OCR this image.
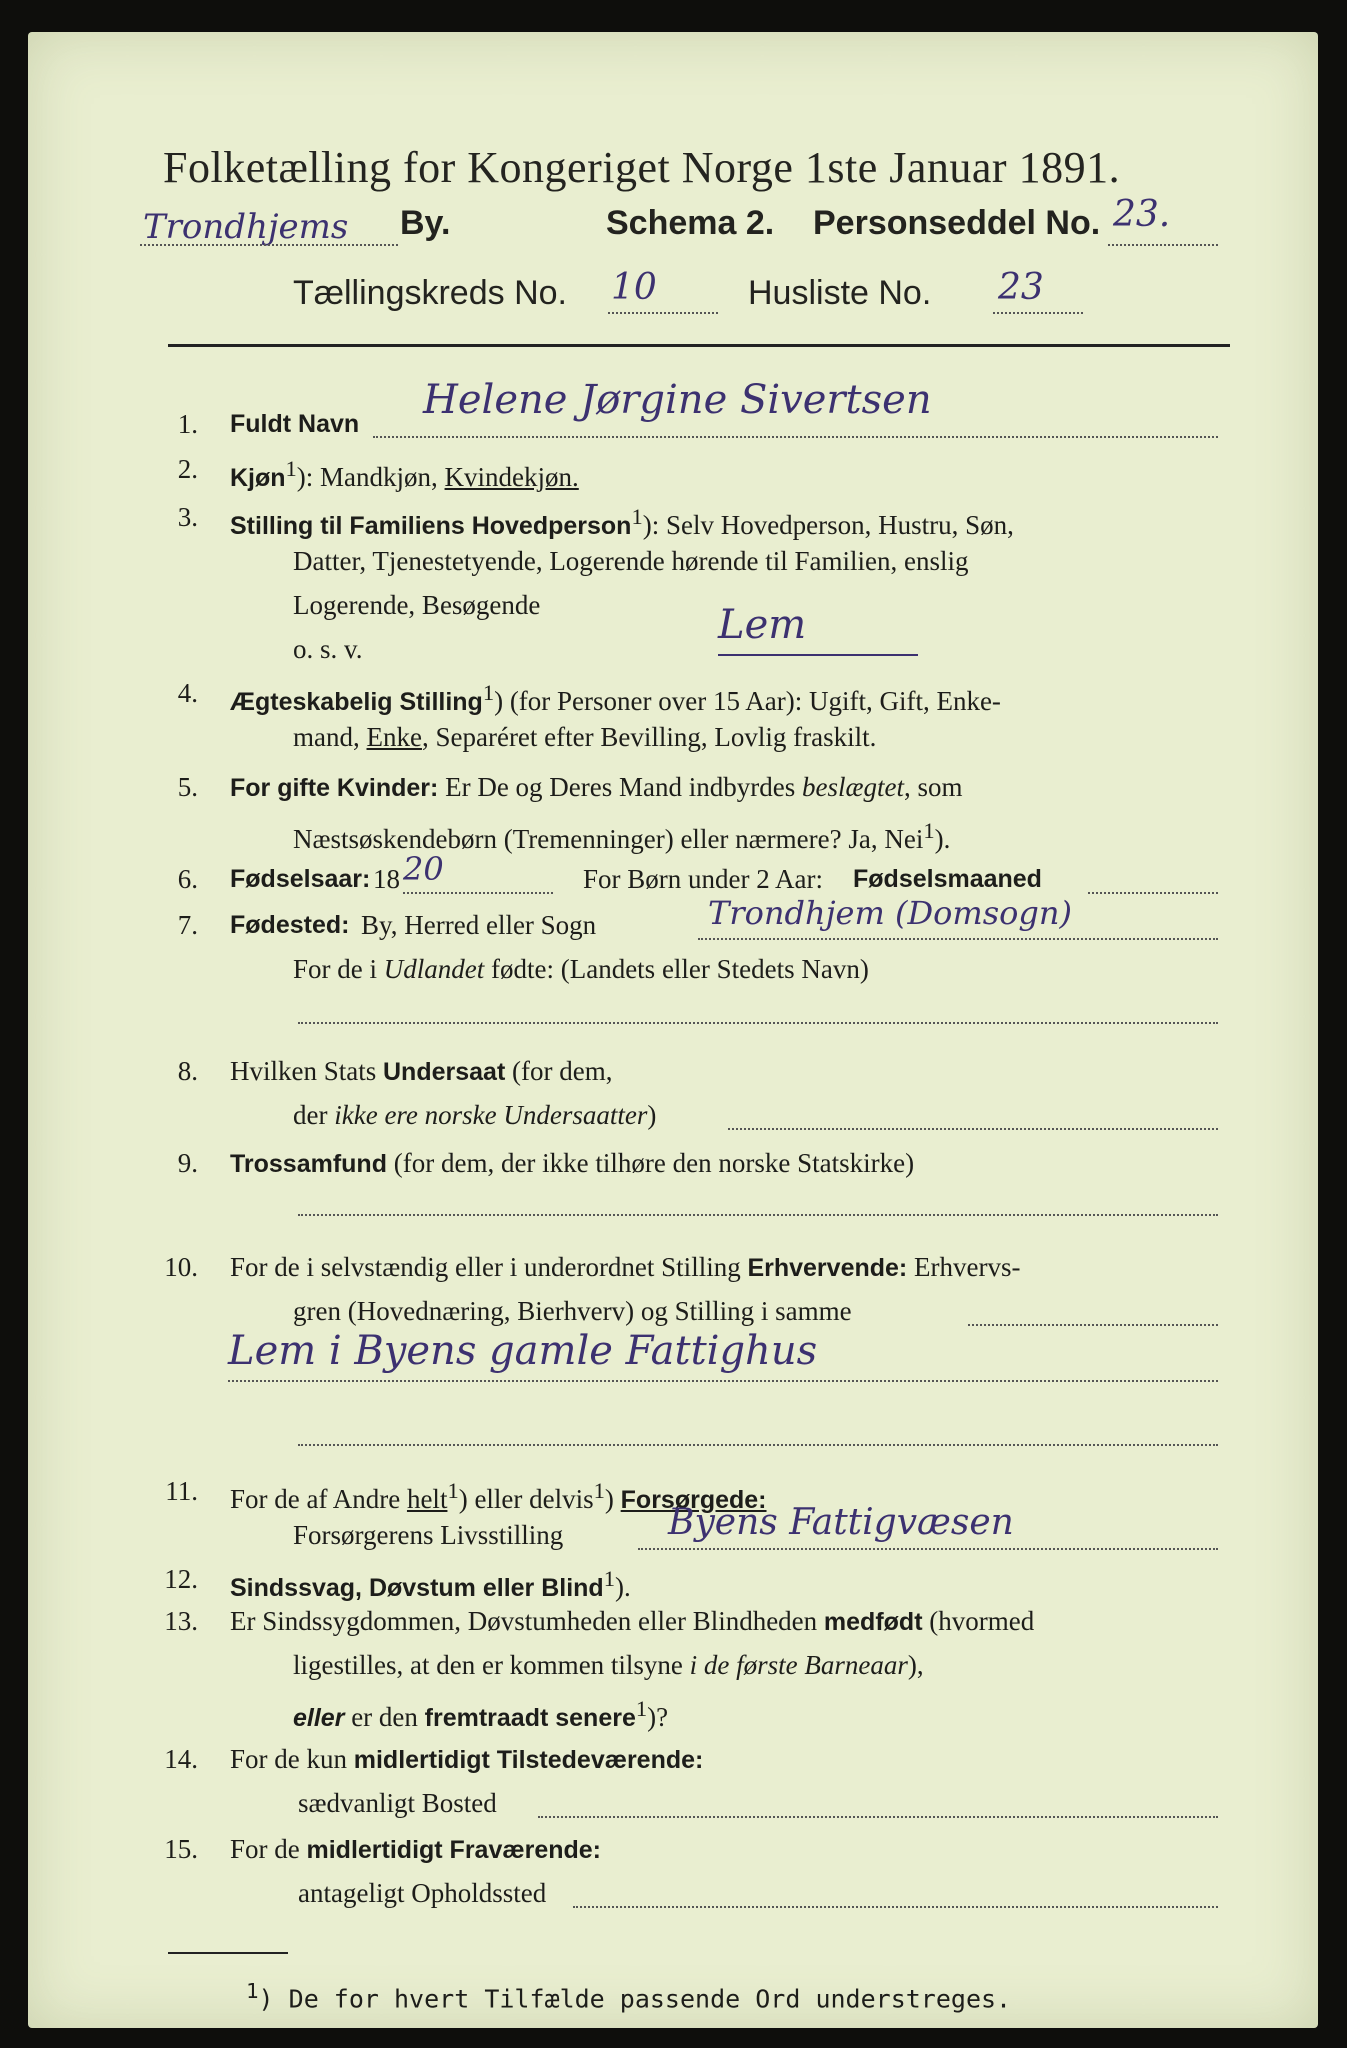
Folketælling for Kongeriget Norge 1ste Januar 1891.
Trondhjems By.	Schema 2. Personseddel No. 23.
Tællingskreds No. 10	Husliste No. 23
1. Fuldt Navn
Helene Jørgine Sivertsen
2. Kjøn$^1$): Mandkjøn, Kvindekjøn.
3. Stilling til Familiens Hovedperson$^1$): Selv Hovedperson, Hustru, Søn,
Datter, Tjenestetyende, Logerende hørende til Familien, enslig
Logerende, Besøgende
o. s. v.
Lem
4. Ægteskabelig Stilling$^1$) (for Personer over 15 Aar): Ugift, Gift, Enke-
mand, Enke, Separéret efter Bevilling, Lovlig fraskilt.
5. For gifte Kvinder: Er De og Deres Mand indbyrdes beslægtet, som
Næstsøskendebørn (Tremenninger) eller nærmere? Ja, Nei$^1$).
6. Fødselsaar: 18	For Børn under 2 Aar: Fødselsmaaned
20
7. Fødested: By, Herred eller Sogn	Trondhjem (Domsogn)
For de i Udlandet fødte: (Landets eller Stedets Navn)
8. Hvilken Stats Undersaat (for dem,
der ikke ere norske Undersaatter)
9. Trossamfund (for dem, der ikke tilhøre den norske Statskirke)
10. For de i selvstændig eller i underordnet Stilling Erhvervende: Erhvervs-
gren (Hovednæring, Bierhverv) og Stilling i samme
Lem i Byens gamle Fattighus
11. For de af Andre helt$^1$) eller delvis$^1$) Forsørgede:
Forsørgerens Livsstilling	Byens Fattigvæsen
12. Sindssvag, Døvstum eller Blind$^1$).
13. Er Sindssygdommen, Døvstumheden eller Blindheden medfødt (hvormed
ligestilles, at den er kommen tilsyne i de første Barneaar),
eller er den fremtraadt senere$^1$)?
14. For de kun midlertidigt Tilstedeværende:
sædvanligt Bosted
15. For de midlertidigt Fraværende:
antageligt Opholdssted
$^1$) De for hvert Tilfælde passende Ord understreges.
